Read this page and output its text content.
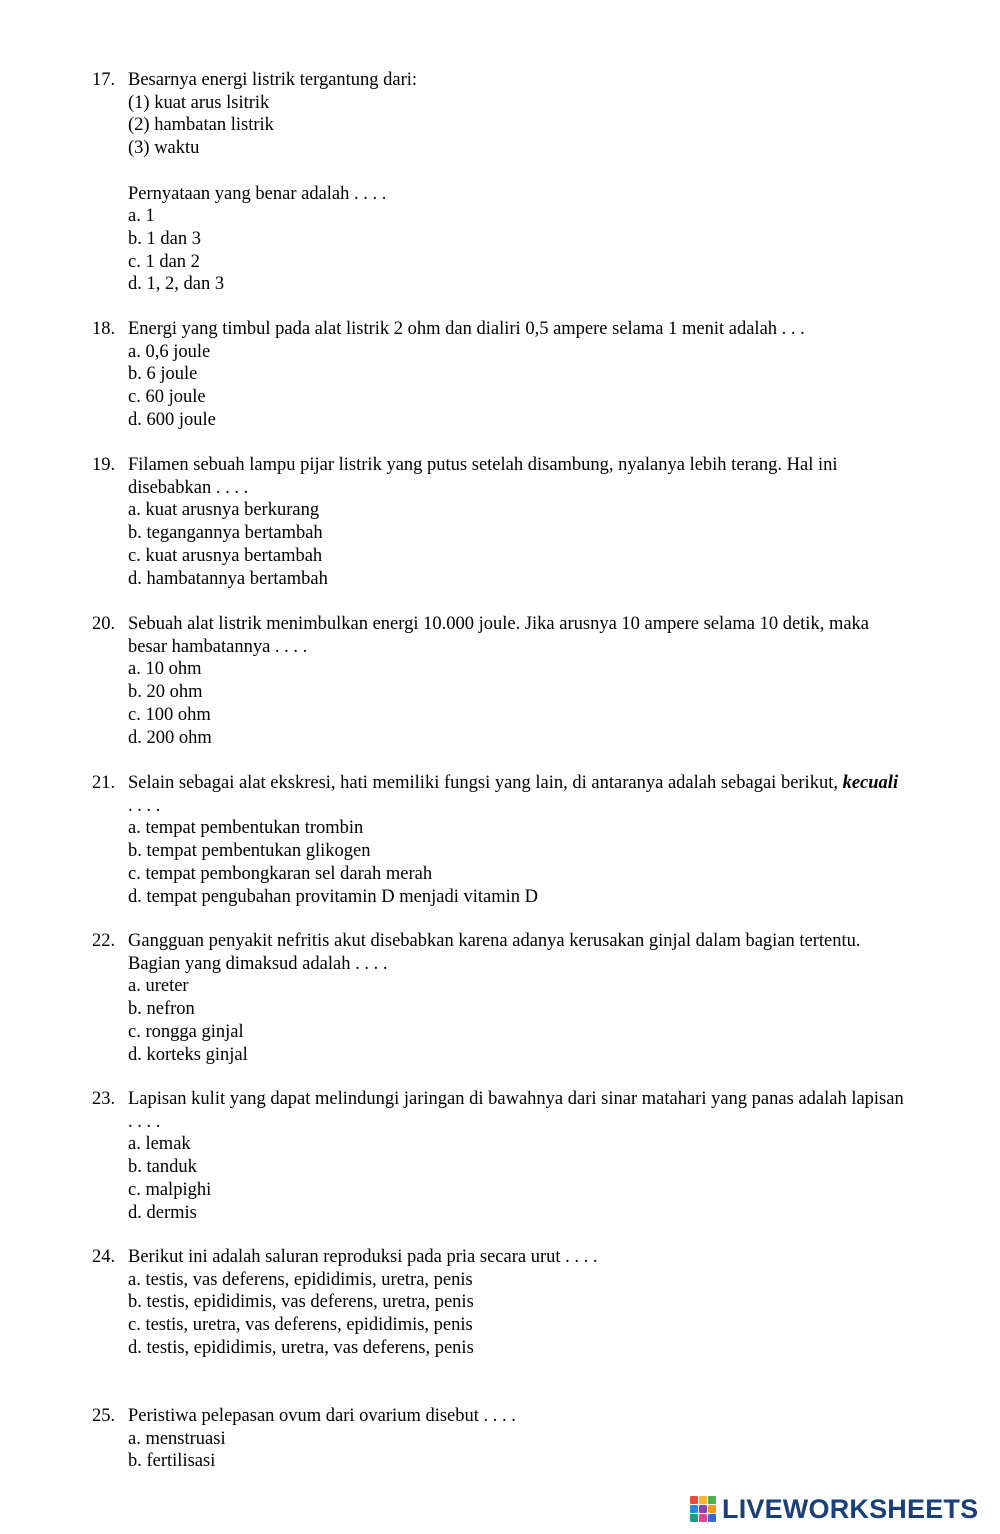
17. Besarnya energi listrik tergantung dari:
(1) kuat arus lsitrik
(2) hambatan listrik
(3) waktu
Pernyataan yang benar adalah . . . .
a. 1
b. 1 dan 3
c. 1 dan 2
d. 1, 2, dan 3
18. Energi yang timbul pada alat listrik 2 ohm dan dialiri 0,5 ampere selama 1 menit adalah . . .
a. 0,6 joule
b. 6 joule
c. 60 joule
d. 600 joule
19. Filamen sebuah lampu pijar listrik yang putus setelah disambung, nyalanya lebih terang. Hal ini
disebabkan . . . .
a. kuat arusnya berkurang
b. tegangannya bertambah
c. kuat arusnya bertambah
d. hambatannya bertambah
20. Sebuah alat listrik menimbulkan energi 10.000 joule. Jika arusnya 10 ampere selama 10 detik, maka
besar hambatannya . . . .
a. 10 ohm
b. 20 ohm
c. 100 ohm
d. 200 ohm
21. Selain sebagai alat ekskresi, hati memiliki fungsi yang lain, di antaranya adalah sebagai berikut, kecuali
. . . .
a. tempat pembentukan trombin
b. tempat pembentukan glikogen
c. tempat pembongkaran sel darah merah
d. tempat pengubahan provitamin D menjadi vitamin D
22. Gangguan penyakit nefritis akut disebabkan karena adanya kerusakan ginjal dalam bagian tertentu.
Bagian yang dimaksud adalah . . . .
a. ureter
b. nefron
c. rongga ginjal
d. korteks ginjal
23. Lapisan kulit yang dapat melindungi jaringan di bawahnya dari sinar matahari yang panas adalah lapisan
. . . .
a. lemak
b. tanduk
c. malpighi
d. dermis
24. Berikut ini adalah saluran reproduksi pada pria secara urut . . . .
a. testis, vas deferens, epididimis, uretra, penis
b. testis, epididimis, vas deferens, uretra, penis
c. testis, uretra, vas deferens, epididimis, penis
d. testis, epididimis, uretra, vas deferens, penis
25. Peristiwa pelepasan ovum dari ovarium disebut . . . .
a. menstruasi
b. fertilisasi
LIVEWORKSHEETS
